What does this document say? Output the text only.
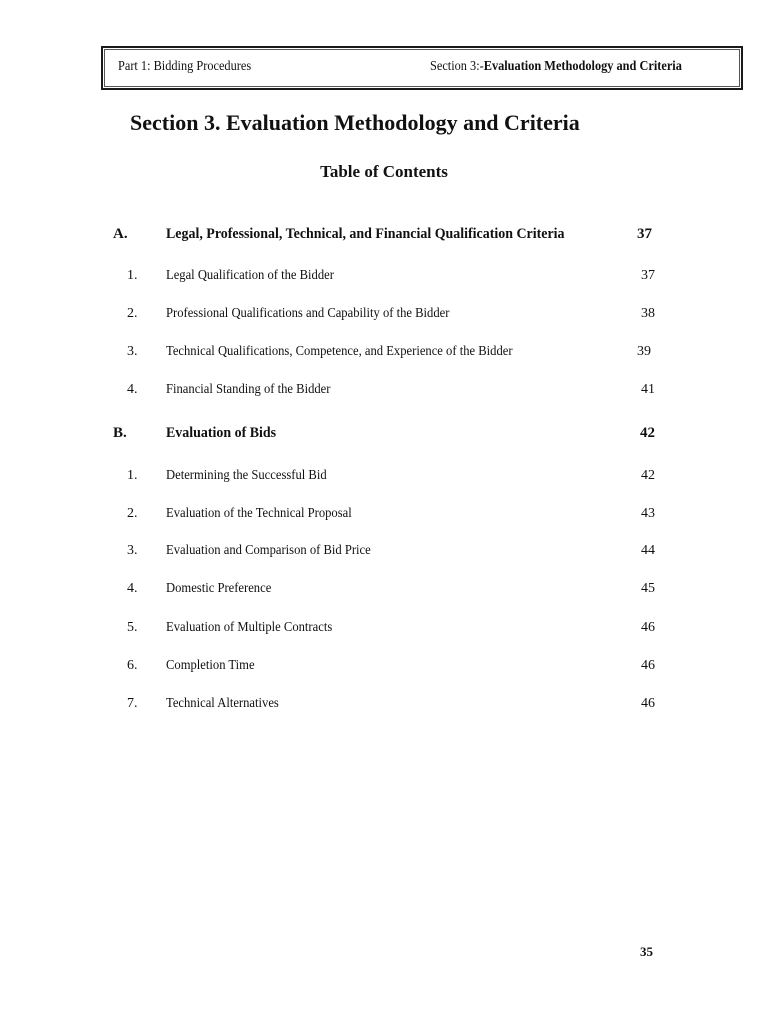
Part 1: Bidding Procedures	Section 3:-Evaluation Methodology and Criteria
Section 3. Evaluation Methodology and Criteria
Table of Contents
A.	Legal, Professional, Technical, and Financial Qualification Criteria	37
1. Legal Qualification of the Bidder	37
2. Professional Qualifications and Capability of the Bidder	38
3. Technical Qualifications, Competence, and Experience of the Bidder	39
4. Financial Standing of the Bidder	41
B.	Evaluation of Bids	42
1. Determining the Successful Bid	42
2. Evaluation of the Technical Proposal	43
3. Evaluation and Comparison of Bid Price	44
4. Domestic Preference	45
5. Evaluation of Multiple Contracts	46
6. Completion Time	46
7. Technical Alternatives	46
35
